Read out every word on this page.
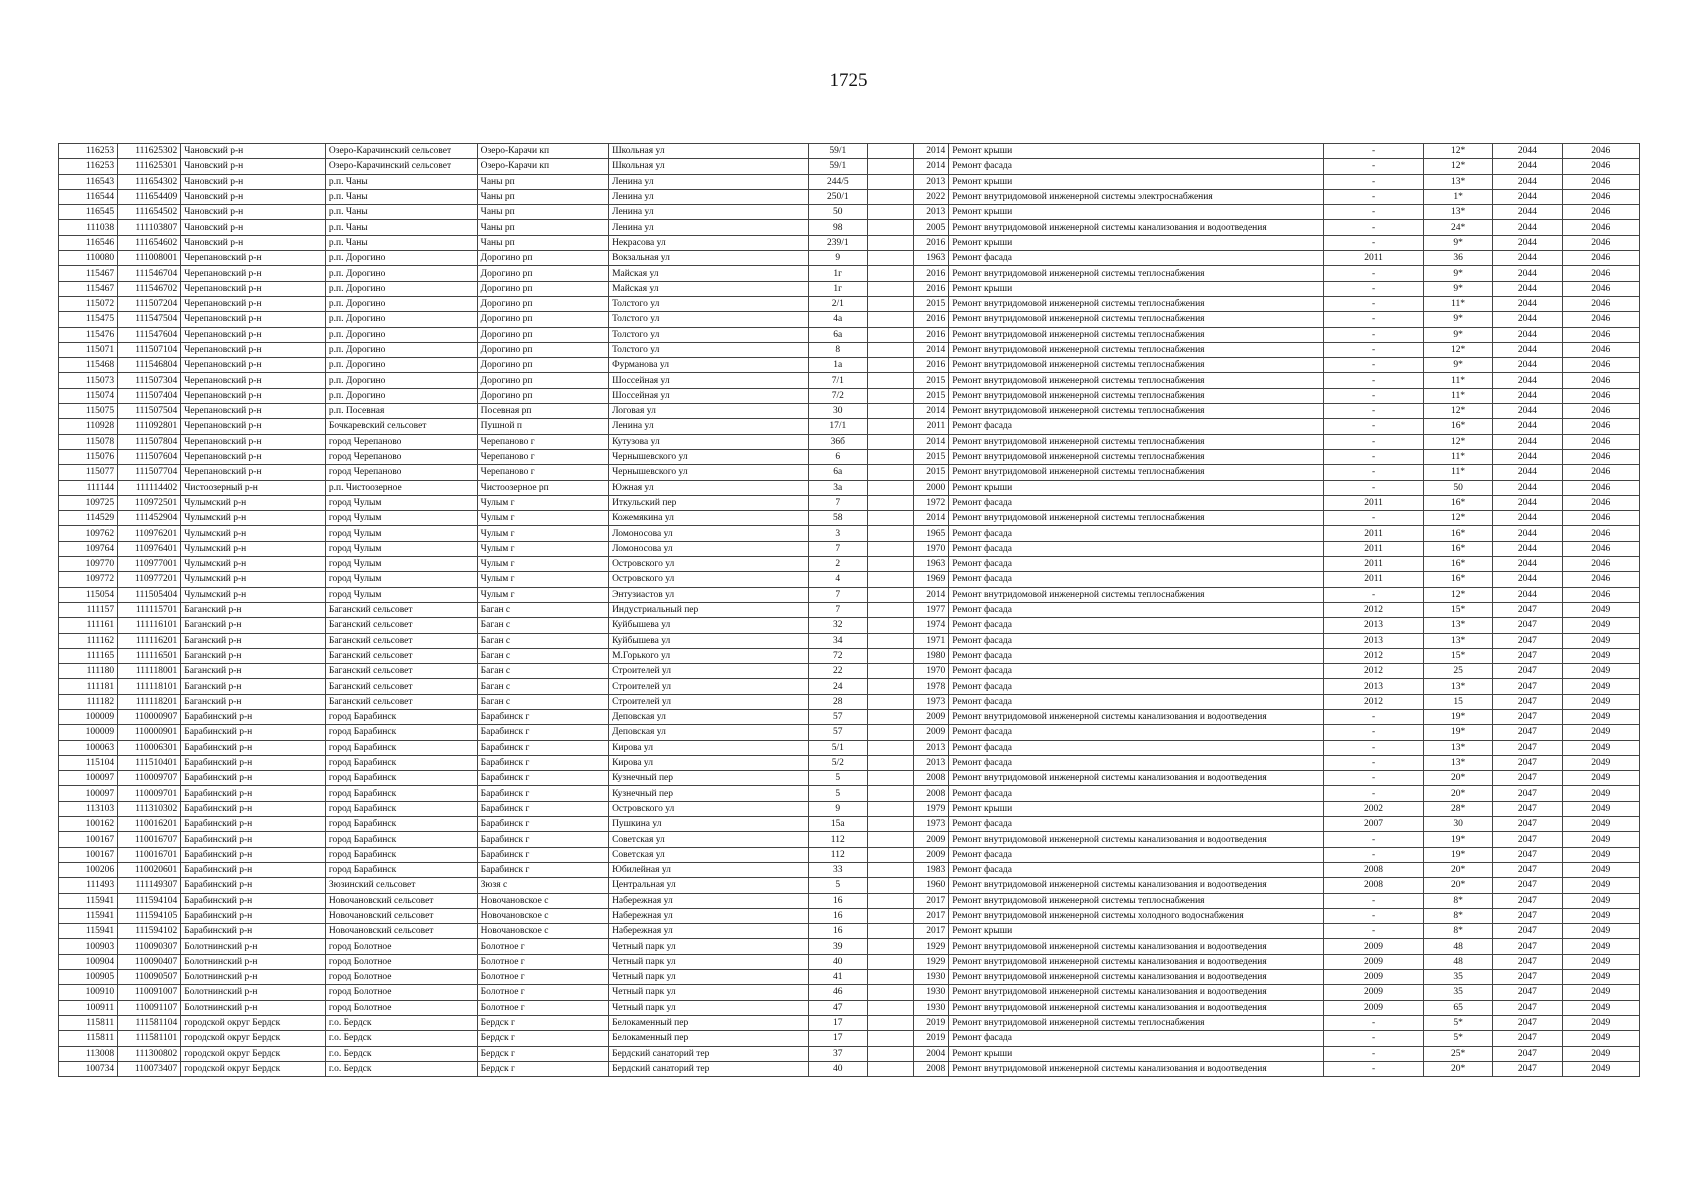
1725
116253	111625302	Чановский р-н	Озеро-Карачинский сельсовет	Озеро-Карачи кп	Школьная ул	59/1		2014	Ремонт крыши	-	12*	2044	2046
116253	111625301	Чановский р-н	Озеро-Карачинский сельсовет	Озеро-Карачи кп	Школьная ул	59/1		2014	Ремонт фасада	-	12*	2044	2046
116543	111654302	Чановский р-н	р.п. Чаны	Чаны рп	Ленина ул	244/5		2013	Ремонт крыши	-	13*	2044	2046
116544	111654409	Чановский р-н	р.п. Чаны	Чаны рп	Ленина ул	250/1		2022	Ремонт внутридомовой инженерной системы электроснабжения	-	1*	2044	2046
116545	111654502	Чановский р-н	р.п. Чаны	Чаны рп	Ленина ул	50		2013	Ремонт крыши	-	13*	2044	2046
111038	111103807	Чановский р-н	р.п. Чаны	Чаны рп	Ленина ул	98		2005	Ремонт внутридомовой инженерной системы канализования и водоотведения	-	24*	2044	2046
116546	111654602	Чановский р-н	р.п. Чаны	Чаны рп	Некрасова ул	239/1		2016	Ремонт крыши	-	9*	2044	2046
110080	111008001	Черепановский р-н	р.п. Дорогино	Дорогино рп	Вокзальная ул	9		1963	Ремонт фасада	2011	36	2044	2046
115467	111546704	Черепановский р-н	р.п. Дорогино	Дорогино рп	Майская ул	1г		2016	Ремонт внутридомовой инженерной системы теплоснабжения	-	9*	2044	2046
115467	111546702	Черепановский р-н	р.п. Дорогино	Дорогино рп	Майская ул	1г		2016	Ремонт крыши	-	9*	2044	2046
115072	111507204	Черепановский р-н	р.п. Дорогино	Дорогино рп	Толстого ул	2/1		2015	Ремонт внутридомовой инженерной системы теплоснабжения	-	11*	2044	2046
115475	111547504	Черепановский р-н	р.п. Дорогино	Дорогино рп	Толстого ул	4а		2016	Ремонт внутридомовой инженерной системы теплоснабжения	-	9*	2044	2046
115476	111547604	Черепановский р-н	р.п. Дорогино	Дорогино рп	Толстого ул	6а		2016	Ремонт внутридомовой инженерной системы теплоснабжения	-	9*	2044	2046
115071	111507104	Черепановский р-н	р.п. Дорогино	Дорогино рп	Толстого ул	8		2014	Ремонт внутридомовой инженерной системы теплоснабжения	-	12*	2044	2046
115468	111546804	Черепановский р-н	р.п. Дорогино	Дорогино рп	Фурманова ул	1а		2016	Ремонт внутридомовой инженерной системы теплоснабжения	-	9*	2044	2046
115073	111507304	Черепановский р-н	р.п. Дорогино	Дорогино рп	Шоссейная ул	7/1		2015	Ремонт внутридомовой инженерной системы теплоснабжения	-	11*	2044	2046
115074	111507404	Черепановский р-н	р.п. Дорогино	Дорогино рп	Шоссейная ул	7/2		2015	Ремонт внутридомовой инженерной системы теплоснабжения	-	11*	2044	2046
115075	111507504	Черепановский р-н	р.п. Посевная	Посевная рп	Логовая ул	30		2014	Ремонт внутридомовой инженерной системы теплоснабжения	-	12*	2044	2046
110928	111092801	Черепановский р-н	Бочкаревский сельсовет	Пушной п	Ленина ул	17/1		2011	Ремонт фасада	-	16*	2044	2046
115078	111507804	Черепановский р-н	город Черепаново	Черепаново г	Кутузова ул	36б		2014	Ремонт внутридомовой инженерной системы теплоснабжения	-	12*	2044	2046
115076	111507604	Черепановский р-н	город Черепаново	Черепаново г	Чернышевского ул	6		2015	Ремонт внутридомовой инженерной системы теплоснабжения	-	11*	2044	2046
115077	111507704	Черепановский р-н	город Черепаново	Черепаново г	Чернышевского ул	6а		2015	Ремонт внутридомовой инженерной системы теплоснабжения	-	11*	2044	2046
111144	111114402	Чистоозерный р-н	р.п. Чистоозерное	Чистоозерное рп	Южная ул	3а		2000	Ремонт крыши	-	50	2044	2046
109725	110972501	Чулымский р-н	город Чулым	Чулым г	Иткульский пер	7		1972	Ремонт фасада	2011	16*	2044	2046
114529	111452904	Чулымский р-н	город Чулым	Чулым г	Кожемякина ул	58		2014	Ремонт внутридомовой инженерной системы теплоснабжения	-	12*	2044	2046
109762	110976201	Чулымский р-н	город Чулым	Чулым г	Ломоносова ул	3		1965	Ремонт фасада	2011	16*	2044	2046
109764	110976401	Чулымский р-н	город Чулым	Чулым г	Ломоносова ул	7		1970	Ремонт фасада	2011	16*	2044	2046
109770	110977001	Чулымский р-н	город Чулым	Чулым г	Островского ул	2		1963	Ремонт фасада	2011	16*	2044	2046
109772	110977201	Чулымский р-н	город Чулым	Чулым г	Островского ул	4		1969	Ремонт фасада	2011	16*	2044	2046
115054	111505404	Чулымский р-н	город Чулым	Чулым г	Энтузиастов ул	7		2014	Ремонт внутридомовой инженерной системы теплоснабжения	-	12*	2044	2046
111157	111115701	Баганский р-н	Баганский сельсовет	Баган с	Индустриальный пер	7		1977	Ремонт фасада	2012	15*	2047	2049
111161	111116101	Баганский р-н	Баганский сельсовет	Баган с	Куйбышева ул	32		1974	Ремонт фасада	2013	13*	2047	2049
111162	111116201	Баганский р-н	Баганский сельсовет	Баган с	Куйбышева ул	34		1971	Ремонт фасада	2013	13*	2047	2049
111165	111116501	Баганский р-н	Баганский сельсовет	Баган с	М.Горького ул	72		1980	Ремонт фасада	2012	15*	2047	2049
111180	111118001	Баганский р-н	Баганский сельсовет	Баган с	Строителей ул	22		1970	Ремонт фасада	2012	25	2047	2049
111181	111118101	Баганский р-н	Баганский сельсовет	Баган с	Строителей ул	24		1978	Ремонт фасада	2013	13*	2047	2049
111182	111118201	Баганский р-н	Баганский сельсовет	Баган с	Строителей ул	28		1973	Ремонт фасада	2012	15	2047	2049
100009	110000907	Барабинский р-н	город Барабинск	Барабинск г	Деповская ул	57		2009	Ремонт внутридомовой инженерной системы канализования и водоотведения	-	19*	2047	2049
100009	110000901	Барабинский р-н	город Барабинск	Барабинск г	Деповская ул	57		2009	Ремонт фасада	-	19*	2047	2049
100063	110006301	Барабинский р-н	город Барабинск	Барабинск г	Кирова ул	5/1		2013	Ремонт фасада	-	13*	2047	2049
115104	111510401	Барабинский р-н	город Барабинск	Барабинск г	Кирова ул	5/2		2013	Ремонт фасада	-	13*	2047	2049
100097	110009707	Барабинский р-н	город Барабинск	Барабинск г	Кузнечный пер	5		2008	Ремонт внутридомовой инженерной системы канализования и водоотведения	-	20*	2047	2049
100097	110009701	Барабинский р-н	город Барабинск	Барабинск г	Кузнечный пер	5		2008	Ремонт фасада	-	20*	2047	2049
113103	111310302	Барабинский р-н	город Барабинск	Барабинск г	Островского ул	9		1979	Ремонт крыши	2002	28*	2047	2049
100162	110016201	Барабинский р-н	город Барабинск	Барабинск г	Пушкина ул	15а		1973	Ремонт фасада	2007	30	2047	2049
100167	110016707	Барабинский р-н	город Барабинск	Барабинск г	Советская ул	112		2009	Ремонт внутридомовой инженерной системы канализования и водоотведения	-	19*	2047	2049
100167	110016701	Барабинский р-н	город Барабинск	Барабинск г	Советская ул	112		2009	Ремонт фасада	-	19*	2047	2049
100206	110020601	Барабинский р-н	город Барабинск	Барабинск г	Юбилейная ул	33		1983	Ремонт фасада	2008	20*	2047	2049
111493	111149307	Барабинский р-н	Зюзинский сельсовет	Зюзя с	Центральная ул	5		1960	Ремонт внутридомовой инженерной системы канализования и водоотведения	2008	20*	2047	2049
115941	111594104	Барабинский р-н	Новочановский сельсовет	Новочановское с	Набережная ул	16		2017	Ремонт внутридомовой инженерной системы теплоснабжения	-	8*	2047	2049
115941	111594105	Барабинский р-н	Новочановский сельсовет	Новочановское с	Набережная ул	16		2017	Ремонт внутридомовой инженерной системы холодного водоснабжения	-	8*	2047	2049
115941	111594102	Барабинский р-н	Новочановский сельсовет	Новочановское с	Набережная ул	16		2017	Ремонт крыши	-	8*	2047	2049
100903	110090307	Болотнинский р-н	город Болотное	Болотное г	Четный парк ул	39		1929	Ремонт внутридомовой инженерной системы канализования и водоотведения	2009	48	2047	2049
100904	110090407	Болотнинский р-н	город Болотное	Болотное г	Четный парк ул	40		1929	Ремонт внутридомовой инженерной системы канализования и водоотведения	2009	48	2047	2049
100905	110090507	Болотнинский р-н	город Болотное	Болотное г	Четный парк ул	41		1930	Ремонт внутридомовой инженерной системы канализования и водоотведения	2009	35	2047	2049
100910	110091007	Болотнинский р-н	город Болотное	Болотное г	Четный парк ул	46		1930	Ремонт внутридомовой инженерной системы канализования и водоотведения	2009	35	2047	2049
100911	110091107	Болотнинский р-н	город Болотное	Болотное г	Четный парк ул	47		1930	Ремонт внутридомовой инженерной системы канализования и водоотведения	2009	65	2047	2049
115811	111581104	городской округ Бердск	г.о. Бердск	Бердск г	Белокаменный пер	17		2019	Ремонт внутридомовой инженерной системы теплоснабжения	-	5*	2047	2049
115811	111581101	городской округ Бердск	г.о. Бердск	Бердск г	Белокаменный пер	17		2019	Ремонт фасада	-	5*	2047	2049
113008	111300802	городской округ Бердск	г.о. Бердск	Бердск г	Бердский санаторий тер	37		2004	Ремонт крыши	-	25*	2047	2049
100734	110073407	городской округ Бердск	г.о. Бердск	Бердск г	Бердский санаторий тер	40		2008	Ремонт внутридомовой инженерной системы канализования и водоотведения	-	20*	2047	2049
